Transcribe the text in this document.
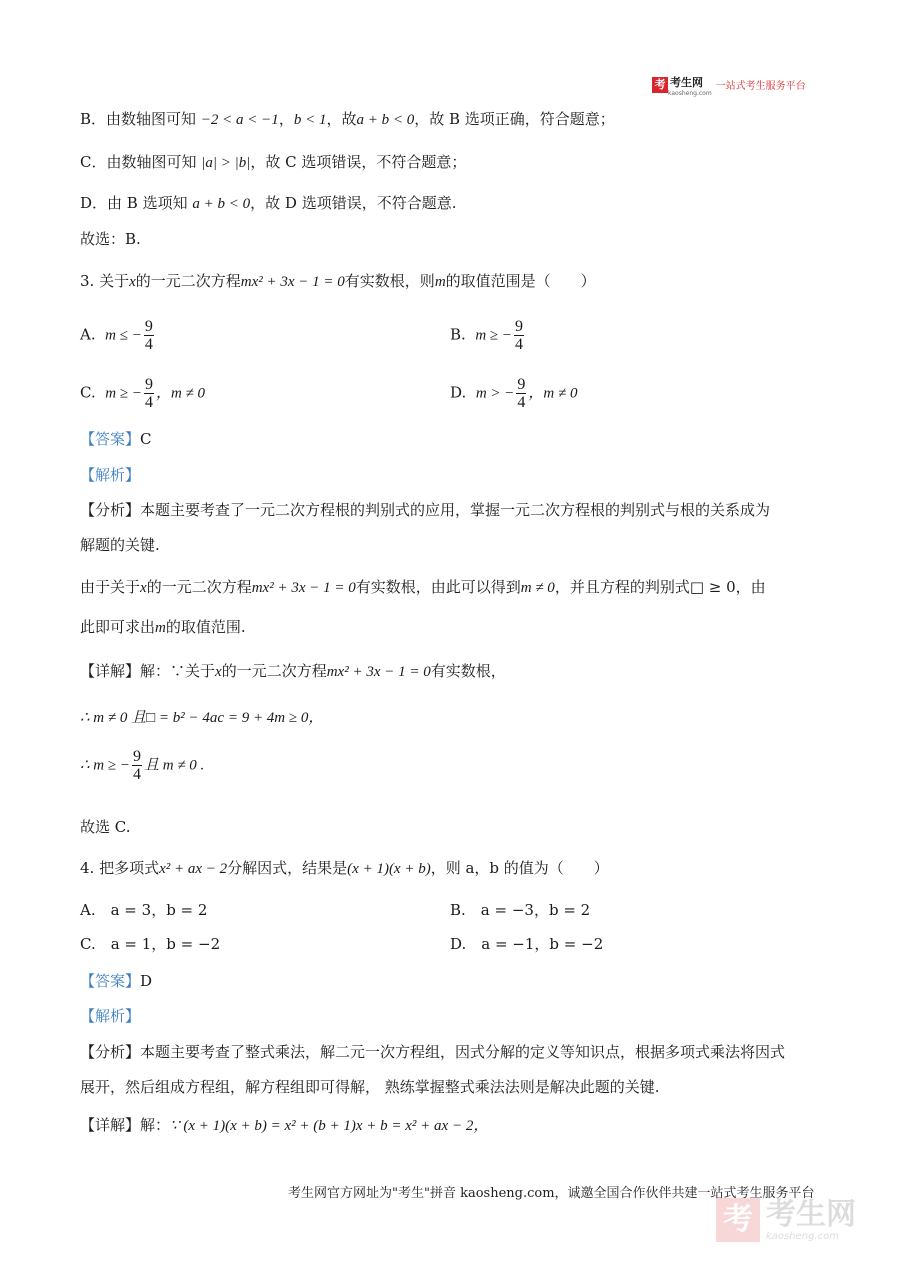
考 考生网
kaosheng.com
一站式考生服务平台
B．由数轴图可知 −2 < a < −1，b < 1，故a + b < 0，故 B 选项正确，符合题意；
C．由数轴图可知 |a| > |b|，故 C 选项错误，不符合题意；
D．由 B 选项知 a + b < 0，故 D 选项错误，不符合题意.
故选：B.
3. 关于x的一元二次方程mx² + 3x − 1 = 0有实数根，则m的取值范围是（　　）
A. m ≤ − $\frac{9}{4}$	B. m ≥ − $\frac{9}{4}$
C. m ≥ − $\frac{9}{4}$ ，m ≠ 0	D. m > − $\frac{9}{4}$ ，m ≠ 0
【答案】C
【解析】
【分析】本题主要考查了一元二次方程根的判别式的应用，掌握一元二次方程根的判别式与根的关系成为
解题的关键.
由于关于x的一元二次方程mx² + 3x − 1 = 0有实数根，由此可以得到m ≠ 0，并且方程的判别式□ ≥ 0，由
此即可求出m的取值范围.
【详解】解：∵关于x的一元二次方程mx² + 3x − 1 = 0有实数根，
∴ m ≠ 0 且□ = b² − 4ac = 9 + 4m ≥ 0，
∴ m ≥ − $\frac{9}{4}$ 且 m ≠ 0 .
故选 C.
4. 把多项式x² + ax − 2分解因式，结果是(x + 1)(x + b)，则 a，b 的值为（　　）
A.　a = 3，b = 2	B.　a = −3，b = 2
C.　a = 1，b = −2	D.　a = −1，b = −2
【答案】D
【解析】
【分析】本题主要考查了整式乘法，解二元一次方程组，因式分解的定义等知识点，根据多项式乘法将因式
展开，然后组成方程组，解方程组即可得解， 熟练掌握整式乘法法则是解决此题的关键.
【详解】解：∵ (x + 1)(x + b) = x² + (b + 1)x + b = x² + ax − 2，
考生网官方网址为"考生"拼音 kaosheng.com，诚邀全国合作伙伴共建一站式考生服务平台
考 考生网
kaosheng.com
